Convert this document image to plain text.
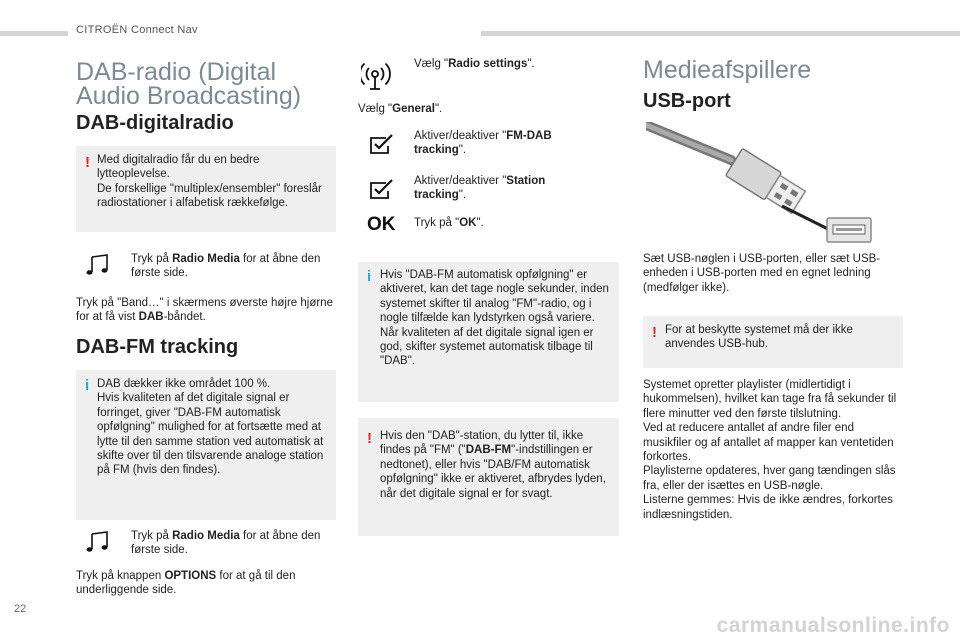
CITROËN Connect Nav
DAB-radio (Digital Audio Broadcasting)
DAB-digitalradio
! Med digitalradio får du en bedre lytteoplevelse.
De forskellige "multiplex/ensembler" foreslår radiostationer i alfabetisk rækkefølge.
Tryk på Radio Media for at åbne den første side.
Tryk på "Band…" i skærmens øverste højre hjørne for at få vist DAB-båndet.
DAB-FM tracking
i DAB dækker ikke området 100 %.
Hvis kvaliteten af det digitale signal er forringet, giver "DAB-FM automatisk opfølgning" mulighed for at fortsætte med at lytte til den samme station ved automatisk at skifte over til den tilsvarende analoge station på FM (hvis den findes).
Tryk på Radio Media for at åbne den første side.
Tryk på knappen OPTIONS for at gå til den underliggende side.
Vælg "Radio settings".
Vælg "General".
Aktiver/deaktiver "FM-DAB tracking".
Aktiver/deaktiver "Station tracking".
OK Tryk på "OK".
i Hvis "DAB-FM automatisk opfølgning" er aktiveret, kan det tage nogle sekunder, inden systemet skifter til analog "FM"-radio, og i nogle tilfælde kan lydstyrken også variere.
Når kvaliteten af det digitale signal igen er god, skifter systemet automatisk tilbage til "DAB".
! Hvis den "DAB"-station, du lytter til, ikke findes på "FM" ("DAB-FM"-indstillingen er nedtonet), eller hvis "DAB/FM automatisk opfølgning" ikke er aktiveret, afbrydes lyden, når det digitale signal er for svagt.
Medieafspillere
USB-port
Sæt USB-nøglen i USB-porten, eller sæt USB-enheden i USB-porten med en egnet ledning (medfølger ikke).
! For at beskytte systemet må der ikke anvendes USB-hub.
Systemet opretter playlister (midlertidigt i hukommelsen), hvilket kan tage fra få sekunder til flere minutter ved den første tilslutning.
Ved at reducere antallet af andre filer end musikfiler og af antallet af mapper kan ventetiden forkortes.
Playlisterne opdateres, hver gang tændingen slås fra, eller der isættes en USB-nøgle.
Listerne gemmes: Hvis de ikke ændres, forkortes indlæsningstiden.
22
carmanualsonline.info
